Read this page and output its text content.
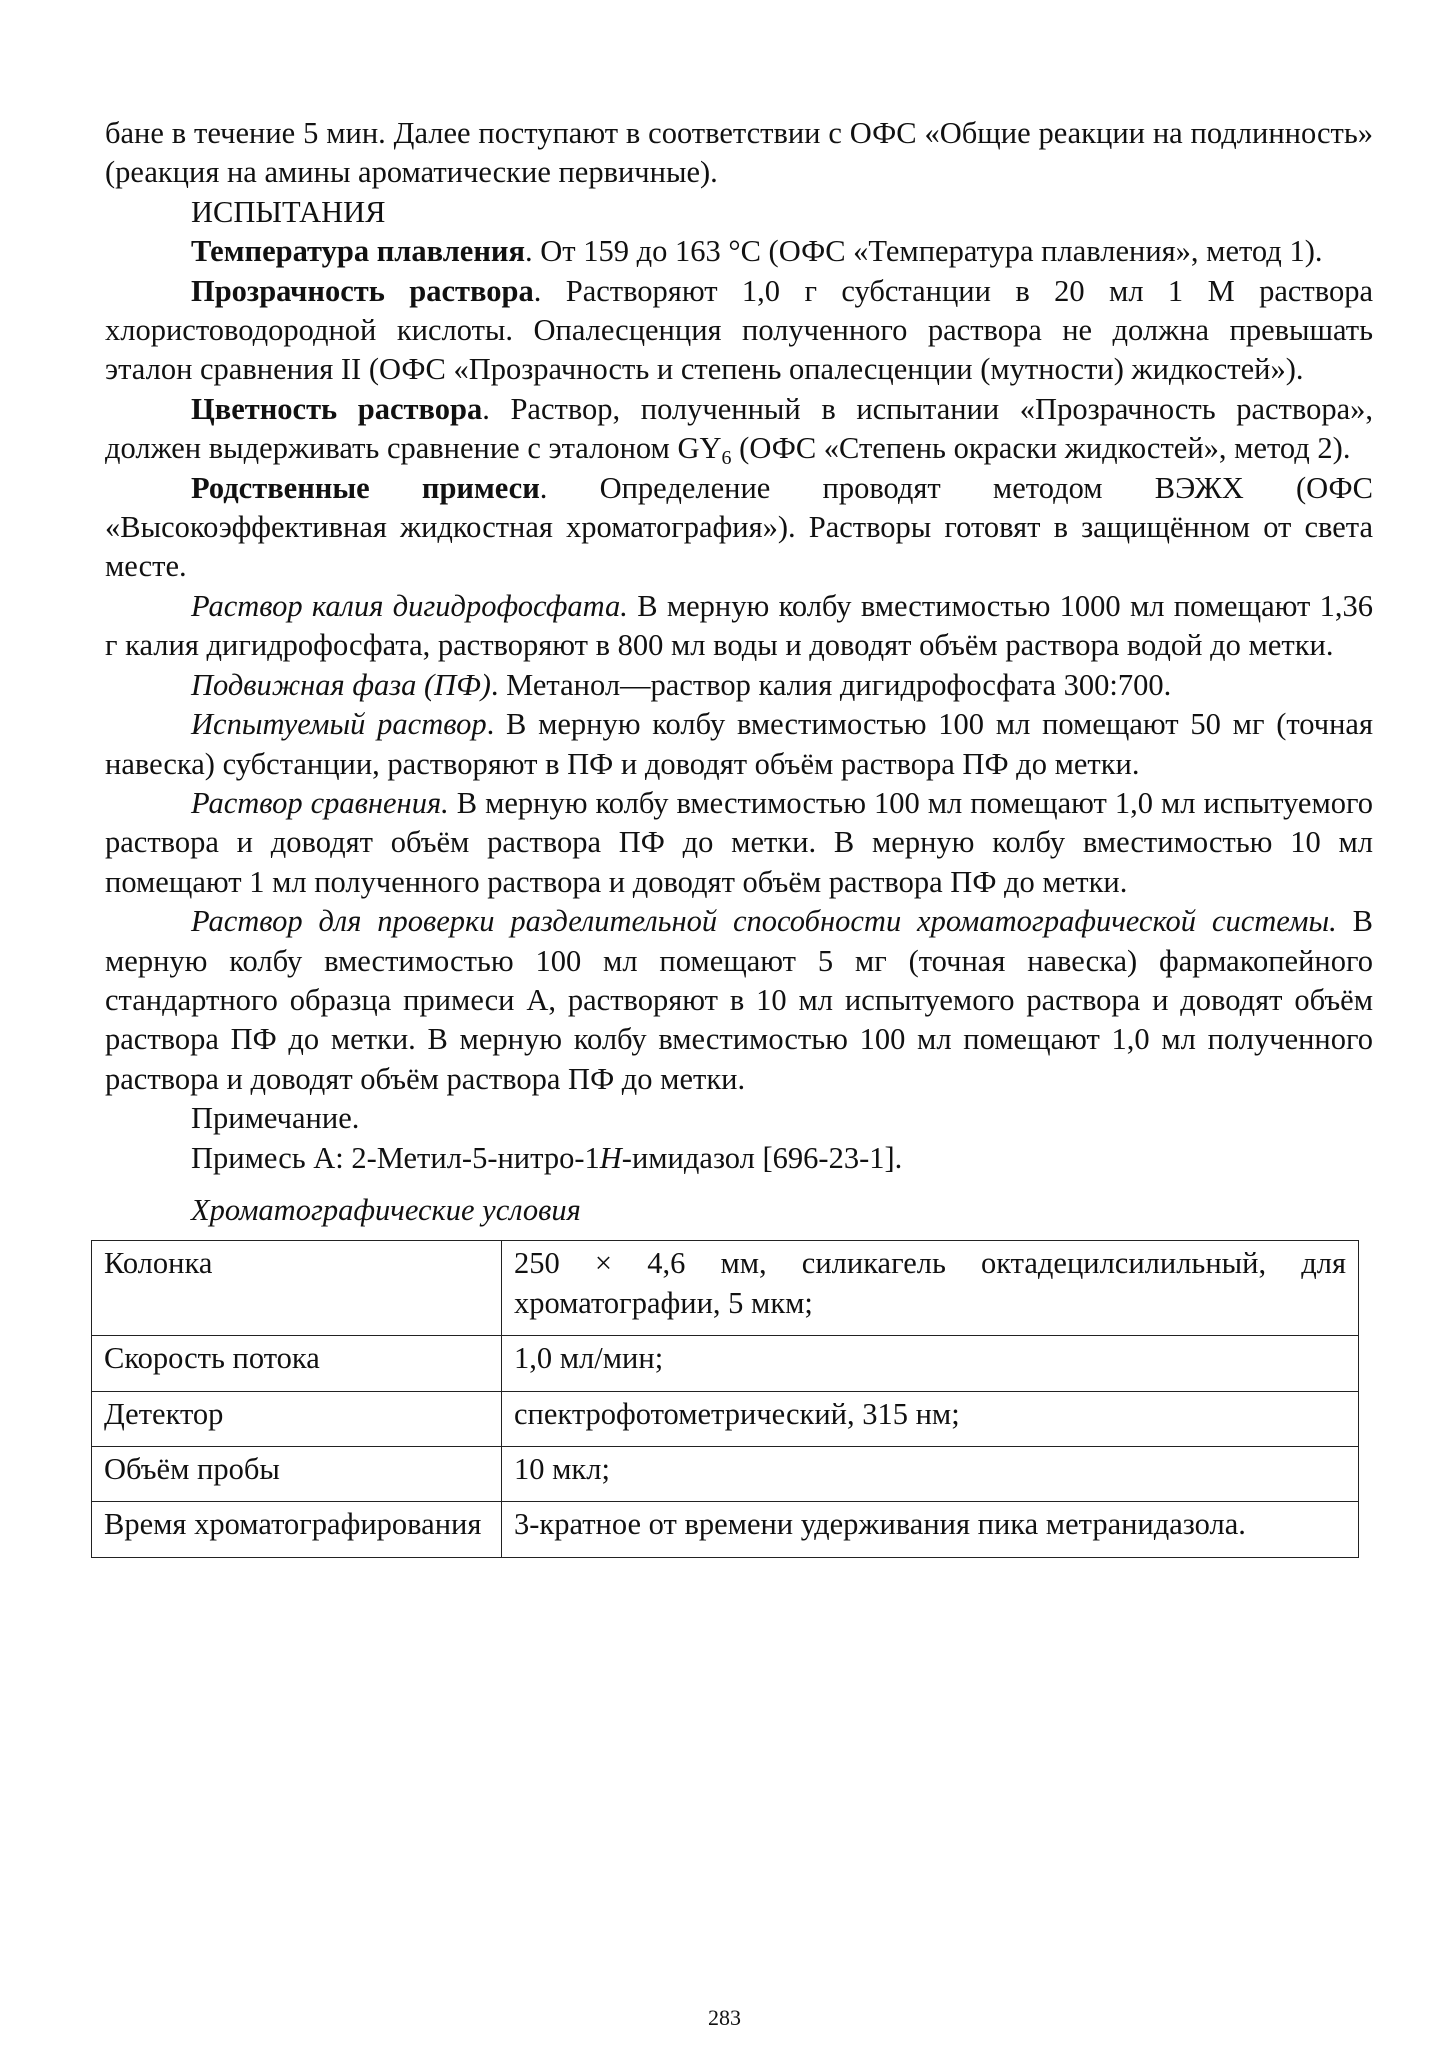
бане в течение 5 мин. Далее поступают в соответствии с ОФС «Общие реакции на подлинность» (реакция на амины ароматические первичные).

ИСПЫТАНИЯ

Температура плавления. От 159 до 163 °С (ОФС «Температура плавления», метод 1).

Прозрачность раствора. Растворяют 1,0 г субстанции в 20 мл 1 М раствора хлористоводородной кислоты. Опалесценция полученного раствора не должна превышать эталон сравнения II (ОФС «Прозрачность и степень опалесценции (мутности) жидкостей»).

Цветность раствора. Раствор, полученный в испытании «Прозрачность раствора», должен выдерживать сравнение с эталоном $GY_6$ (ОФС «Степень окраски жидкостей», метод 2).

Родственные примеси. Определение проводят методом ВЭЖХ (ОФС «Высокоэффективная жидкостная хроматография»). Растворы готовят в защищённом от света месте.

Раствор калия дигидрофосфата. В мерную колбу вместимостью 1000 мл помещают 1,36 г калия дигидрофосфата, растворяют в 800 мл воды и доводят объём раствора водой до метки.

Подвижная фаза (ПФ). Метанол—раствор калия дигидрофосфата 300:700.

Испытуемый раствор. В мерную колбу вместимостью 100 мл помещают 50 мг (точная навеска) субстанции, растворяют в ПФ и доводят объём раствора ПФ до метки.

Раствор сравнения. В мерную колбу вместимостью 100 мл помещают 1,0 мл испытуемого раствора и доводят объём раствора ПФ до метки. В мерную колбу вместимостью 10 мл помещают 1 мл полученного раствора и доводят объём раствора ПФ до метки.

Раствор для проверки разделительной способности хроматографической системы. В мерную колбу вместимостью 100 мл помещают 5 мг (точная навеска) фармакопейного стандартного образца примеси А, растворяют в 10 мл испытуемого раствора и доводят объём раствора ПФ до метки. В мерную колбу вместимостью 100 мл помещают 1,0 мл полученного раствора и доводят объём раствора ПФ до метки.

Примечание.

Примесь А: 2-Метил-5-нитро-1H-имидазол [696-23-1].

Хроматографические условия

Колонка	250 × 4,6 мм, силикагель октадецилсилильный, для хроматографии, 5 мкм;
Скорость потока	1,0 мл/мин;
Детектор	спектрофотометрический, 315 нм;
Объём пробы	10 мкл;
Время хроматографирования	3-кратное от времени удерживания пика метранидазола.
283
